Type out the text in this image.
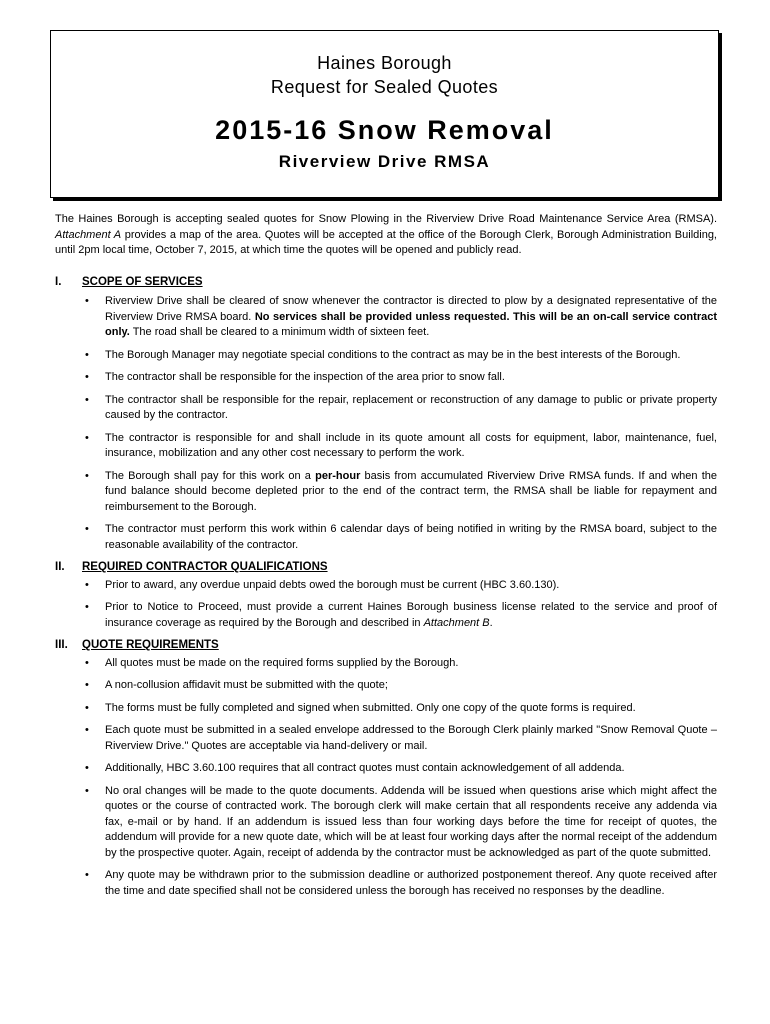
Haines Borough
Request for Sealed Quotes
2015-16 Snow Removal
Riverview Drive RMSA

The Haines Borough is accepting sealed quotes for Snow Plowing in the Riverview Drive Road Maintenance Service Area (RMSA). Attachment A provides a map of the area. Quotes will be accepted at the office of the Borough Clerk, Borough Administration Building, until 2pm local time, October 7, 2015, at which time the quotes will be opened and publicly read.

I.	SCOPE OF SERVICES
• Riverview Drive shall be cleared of snow whenever the contractor is directed to plow by a designated representative of the Riverview Drive RMSA board. No services shall be provided unless requested. This will be an on-call service contract only. The road shall be cleared to a minimum width of sixteen feet.
• The Borough Manager may negotiate special conditions to the contract as may be in the best interests of the Borough.
• The contractor shall be responsible for the inspection of the area prior to snow fall.
• The contractor shall be responsible for the repair, replacement or reconstruction of any damage to public or private property caused by the contractor.
• The contractor is responsible for and shall include in its quote amount all costs for equipment, labor, maintenance, fuel, insurance, mobilization and any other cost necessary to perform the work.
• The Borough shall pay for this work on a per-hour basis from accumulated Riverview Drive RMSA funds. If and when the fund balance should become depleted prior to the end of the contract term, the RMSA shall be liable for repayment and reimbursement to the Borough.
• The contractor must perform this work within 6 calendar days of being notified in writing by the RMSA board, subject to the reasonable availability of the contractor.
II.	REQUIRED CONTRACTOR QUALIFICATIONS
• Prior to award, any overdue unpaid debts owed the borough must be current (HBC 3.60.130).
• Prior to Notice to Proceed, must provide a current Haines Borough business license related to the service and proof of insurance coverage as required by the Borough and described in Attachment B.
III.	QUOTE REQUIREMENTS
• All quotes must be made on the required forms supplied by the Borough.
• A non-collusion affidavit must be submitted with the quote;
• The forms must be fully completed and signed when submitted. Only one copy of the quote forms is required.
• Each quote must be submitted in a sealed envelope addressed to the Borough Clerk plainly marked "Snow Removal Quote – Riverview Drive." Quotes are acceptable via hand-delivery or mail.
• Additionally, HBC 3.60.100 requires that all contract quotes must contain acknowledgement of all addenda.
• No oral changes will be made to the quote documents. Addenda will be issued when questions arise which might affect the quotes or the course of contracted work. The borough clerk will make certain that all respondents receive any addenda via fax, e-mail or by hand. If an addendum is issued less than four working days before the time for receipt of quotes, the addendum will provide for a new quote date, which will be at least four working days after the normal receipt of the addendum by the prospective quoter. Again, receipt of addenda by the contractor must be acknowledged as part of the quote submitted.
• Any quote may be withdrawn prior to the submission deadline or authorized postponement thereof. Any quote received after the time and date specified shall not be considered unless the borough has received no responses by the deadline.
